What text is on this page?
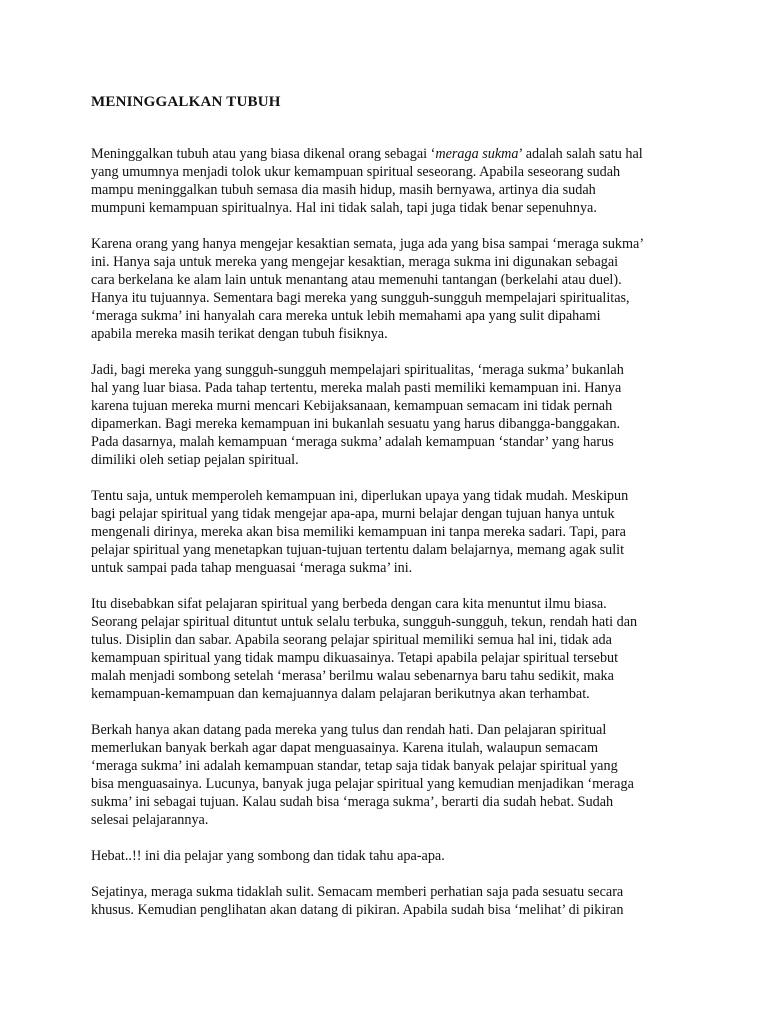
MENINGGALKAN TUBUH

Meninggalkan tubuh atau yang biasa dikenal orang sebagai ‘meraga sukma’ adalah salah satu hal
yang umumnya menjadi tolok ukur kemampuan spiritual seseorang. Apabila seseorang sudah
mampu meninggalkan tubuh semasa dia masih hidup, masih bernyawa, artinya dia sudah
mumpuni kemampuan spiritualnya. Hal ini tidak salah, tapi juga tidak benar sepenuhnya.

Karena orang yang hanya mengejar kesaktian semata, juga ada yang bisa sampai ‘meraga sukma’
ini. Hanya saja untuk mereka yang mengejar kesaktian, meraga sukma ini digunakan sebagai
cara berkelana ke alam lain untuk menantang atau memenuhi tantangan (berkelahi atau duel).
Hanya itu tujuannya. Sementara bagi mereka yang sungguh-sungguh mempelajari spiritualitas,
‘meraga sukma’ ini hanyalah cara mereka untuk lebih memahami apa yang sulit dipahami
apabila mereka masih terikat dengan tubuh fisiknya.

Jadi, bagi mereka yang sungguh-sungguh mempelajari spiritualitas, ‘meraga sukma’ bukanlah
hal yang luar biasa. Pada tahap tertentu, mereka malah pasti memiliki kemampuan ini. Hanya
karena tujuan mereka murni mencari Kebijaksanaan, kemampuan semacam ini tidak pernah
dipamerkan. Bagi mereka kemampuan ini bukanlah sesuatu yang harus dibangga-banggakan.
Pada dasarnya, malah kemampuan ‘meraga sukma’ adalah kemampuan ‘standar’ yang harus
dimiliki oleh setiap pejalan spiritual.

Tentu saja, untuk memperoleh kemampuan ini, diperlukan upaya yang tidak mudah. Meskipun
bagi pelajar spiritual yang tidak mengejar apa-apa, murni belajar dengan tujuan hanya untuk
mengenali dirinya, mereka akan bisa memiliki kemampuan ini tanpa mereka sadari. Tapi, para
pelajar spiritual yang menetapkan tujuan-tujuan tertentu dalam belajarnya, memang agak sulit
untuk sampai pada tahap menguasai ‘meraga sukma’ ini.

Itu disebabkan sifat pelajaran spiritual yang berbeda dengan cara kita menuntut ilmu biasa.
Seorang pelajar spiritual dituntut untuk selalu terbuka, sungguh-sungguh, tekun, rendah hati dan
tulus. Disiplin dan sabar. Apabila seorang pelajar spiritual memiliki semua hal ini, tidak ada
kemampuan spiritual yang tidak mampu dikuasainya. Tetapi apabila pelajar spiritual tersebut
malah menjadi sombong setelah ‘merasa’ berilmu walau sebenarnya baru tahu sedikit, maka
kemampuan-kemampuan dan kemajuannya dalam pelajaran berikutnya akan terhambat.

Berkah hanya akan datang pada mereka yang tulus dan rendah hati. Dan pelajaran spiritual
memerlukan banyak berkah agar dapat menguasainya. Karena itulah, walaupun semacam
‘meraga sukma’ ini adalah kemampuan standar, tetap saja tidak banyak pelajar spiritual yang
bisa menguasainya. Lucunya, banyak juga pelajar spiritual yang kemudian menjadikan ‘meraga
sukma’ ini sebagai tujuan. Kalau sudah bisa ‘meraga sukma’, berarti dia sudah hebat. Sudah
selesai pelajarannya.

Hebat..!! ini dia pelajar yang sombong dan tidak tahu apa-apa.

Sejatinya, meraga sukma tidaklah sulit. Semacam memberi perhatian saja pada sesuatu secara
khusus. Kemudian penglihatan akan datang di pikiran. Apabila sudah bisa ‘melihat’ di pikiran
